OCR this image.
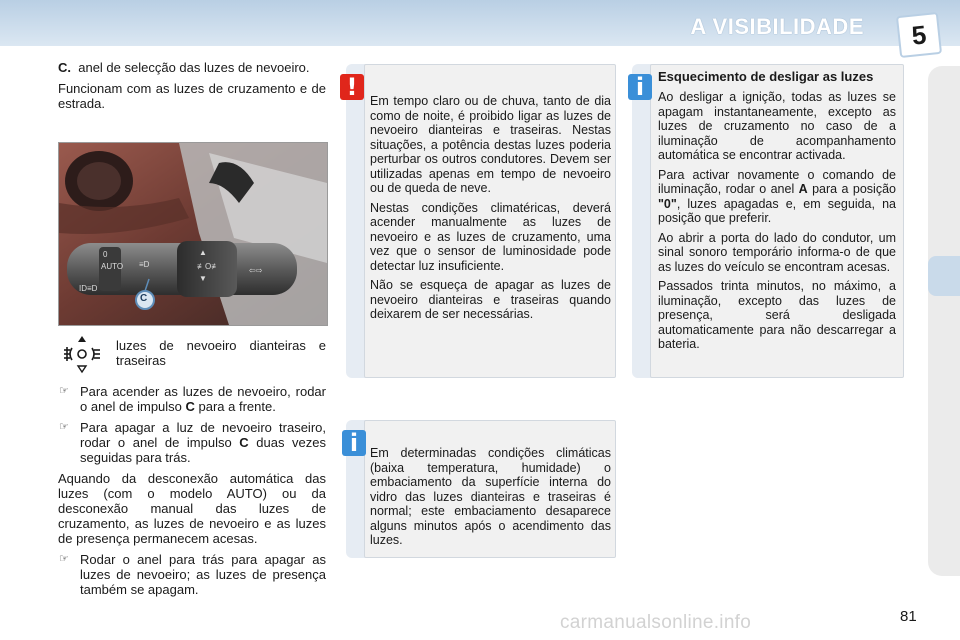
A VISIBILIDADE	5

C. anel de selecção das luzes de nevoeiro.

Funcionam com as luzes de cruzamento e de estrada.

0
AUTO ≡D
▲
≢O≢
▼
⇦⇨
ID≡D
C
luzes de nevoeiro dianteiras e traseiras
☞ Para acender as luzes de nevoeiro, rodar o anel de impulso C para a frente.
☞ Para apagar a luz de nevoeiro traseiro, rodar o anel de impulso C duas vezes seguidas para trás.

Aquando da desconexão automática das luzes (com o modelo AUTO) ou da desconexão manual das luzes de cruzamento, as luzes de nevoeiro e as luzes de presença permanecem acesas.

☞ Rodar o anel para trás para apagar as luzes de nevoeiro; as luzes de presença também se apagam.
!	Em tempo claro ou de chuva, tanto de dia como de noite, é proibido ligar as luzes de nevoeiro dianteiras e traseiras. Nestas situações, a potência destas luzes poderia perturbar os outros condutores. Devem ser utilizadas apenas em tempo de nevoeiro ou de queda de neve.

Nestas condições climatéricas, deverá acender manualmente as luzes de nevoeiro e as luzes de cruzamento, uma vez que o sensor de luminosidade pode detectar luz insuficiente.

Não se esqueça de apagar as luzes de nevoeiro dianteiras e traseiras quando deixarem de ser necessárias.

i	Esquecimento de desligar as luzes

Ao desligar a ignição, todas as luzes se apagam instantaneamente, excepto as luzes de cruzamento no caso de a iluminação de acompanhamento automática se encontrar activada.

Para activar novamente o comando de iluminação, rodar o anel A para a posição "0", luzes apagadas e, em seguida, na posição que preferir.

Ao abrir a porta do lado do condutor, um sinal sonoro temporário informa-o de que as luzes do veículo se encontram acesas.

Passados trinta minutos, no máximo, a iluminação, excepto das luzes de presença, será desligada automaticamente para não descarregar a bateria.

i Em determinadas condições climáticas (baixa temperatura, humidade) o embaciamento da superfície interna do vidro das luzes dianteiras e traseiras é normal; este embaciamento desaparece alguns minutos após o acendimento das luzes.
carmanualsonline.info	81
